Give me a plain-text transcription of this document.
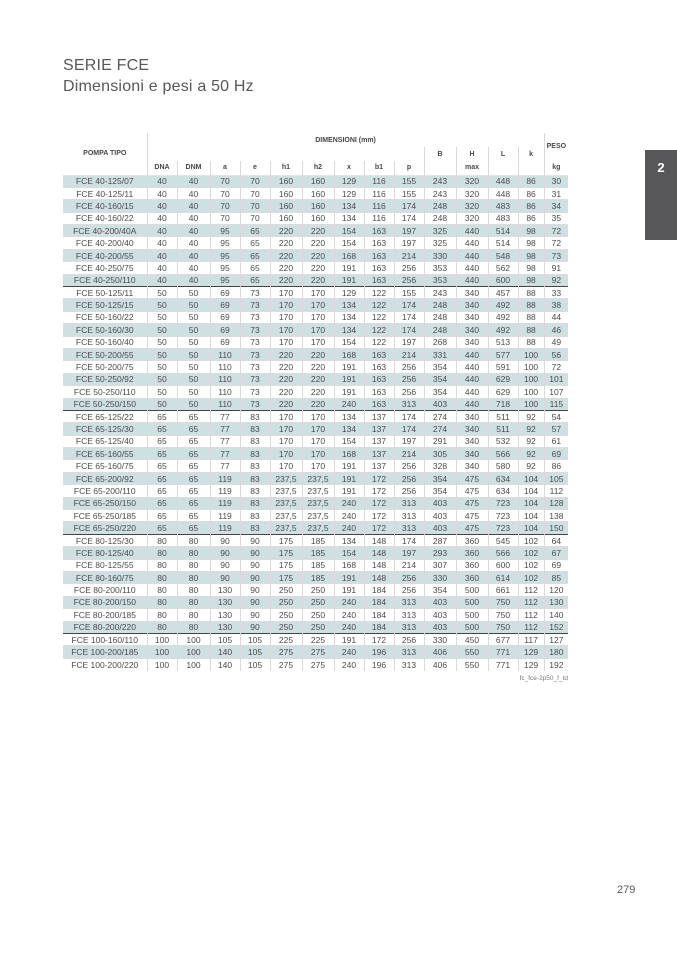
SERIE FCE
Dimensioni e pesi a 50 Hz
2
POMPA TIPO	DIMENSIONI (mm)													PESO
										B	H	L	k	
	DNA	DNM	a	e	h1	h2	x	b1	p		max			kg
FCE 40-125/07	40	40	70	70	160	160	129	116	155	243	320	448	86	30
FCE 40-125/11	40	40	70	70	160	160	129	116	155	243	320	448	86	31
FCE 40-160/15	40	40	70	70	160	160	134	116	174	248	320	483	86	34
FCE 40-160/22	40	40	70	70	160	160	134	116	174	248	320	483	86	35
FCE 40-200/40A	40	40	95	65	220	220	154	163	197	325	440	514	98	72
FCE 40-200/40	40	40	95	65	220	220	154	163	197	325	440	514	98	72
FCE 40-200/55	40	40	95	65	220	220	168	163	214	330	440	548	98	73
FCE 40-250/75	40	40	95	65	220	220	191	163	256	353	440	562	98	91
FCE 40-250/110	40	40	95	65	220	220	191	163	256	353	440	600	98	92
FCE 50-125/11	50	50	69	73	170	170	129	122	155	243	340	457	88	33
FCE 50-125/15	50	50	69	73	170	170	134	122	174	248	340	492	88	38
FCE 50-160/22	50	50	69	73	170	170	134	122	174	248	340	492	88	44
FCE 50-160/30	50	50	69	73	170	170	134	122	174	248	340	492	88	46
FCE 50-160/40	50	50	69	73	170	170	154	122	197	268	340	513	88	49
FCE 50-200/55	50	50	110	73	220	220	168	163	214	331	440	577	100	56
FCE 50-200/75	50	50	110	73	220	220	191	163	256	354	440	591	100	72
FCE 50-250/92	50	50	110	73	220	220	191	163	256	354	440	629	100	101
FCE 50-250/110	50	50	110	73	220	220	191	163	256	354	440	629	100	107
FCE 50-250/150	50	50	110	73	220	220	240	163	313	403	440	718	100	115
FCE 65-125/22	65	65	77	83	170	170	134	137	174	274	340	511	92	54
FCE 65-125/30	65	65	77	83	170	170	134	137	174	274	340	511	92	57
FCE 65-125/40	65	65	77	83	170	170	154	137	197	291	340	532	92	61
FCE 65-160/55	65	65	77	83	170	170	168	137	214	305	340	566	92	69
FCE 65-160/75	65	65	77	83	170	170	191	137	256	328	340	580	92	86
FCE 65-200/92	65	65	119	83	237,5	237,5	191	172	256	354	475	634	104	105
FCE 65-200/110	65	65	119	83	237,5	237,5	191	172	256	354	475	634	104	112
FCE 65-250/150	65	65	119	83	237,5	237,5	240	172	313	403	475	723	104	128
FCE 65-250/185	65	65	119	83	237,5	237,5	240	172	313	403	475	723	104	138
FCE 65-250/220	65	65	119	83	237,5	237,5	240	172	313	403	475	723	104	150
FCE 80-125/30	80	80	90	90	175	185	134	148	174	287	360	545	102	64
FCE 80-125/40	80	80	90	90	175	185	154	148	197	293	360	566	102	67
FCE 80-125/55	80	80	90	90	175	185	168	148	214	307	360	600	102	69
FCE 80-160/75	80	80	90	90	175	185	191	148	256	330	360	614	102	85
FCE 80-200/110	80	80	130	90	250	250	191	184	256	354	500	661	112	120
FCE 80-200/150	80	80	130	90	250	250	240	184	313	403	500	750	112	130
FCE 80-200/185	80	80	130	90	250	250	240	184	313	403	500	750	112	140
FCE 80-200/220	80	80	130	90	250	250	240	184	313	403	500	750	112	152
FCE 100-160/110	100	100	105	105	225	225	191	172	256	330	450	677	117	127
FCE 100-200/185	100	100	140	105	275	275	240	196	313	406	550	771	129	180
FCE 100-200/220	100	100	140	105	275	275	240	196	313	406	550	771	129	192
fc_fce-2p50_f_td
279
